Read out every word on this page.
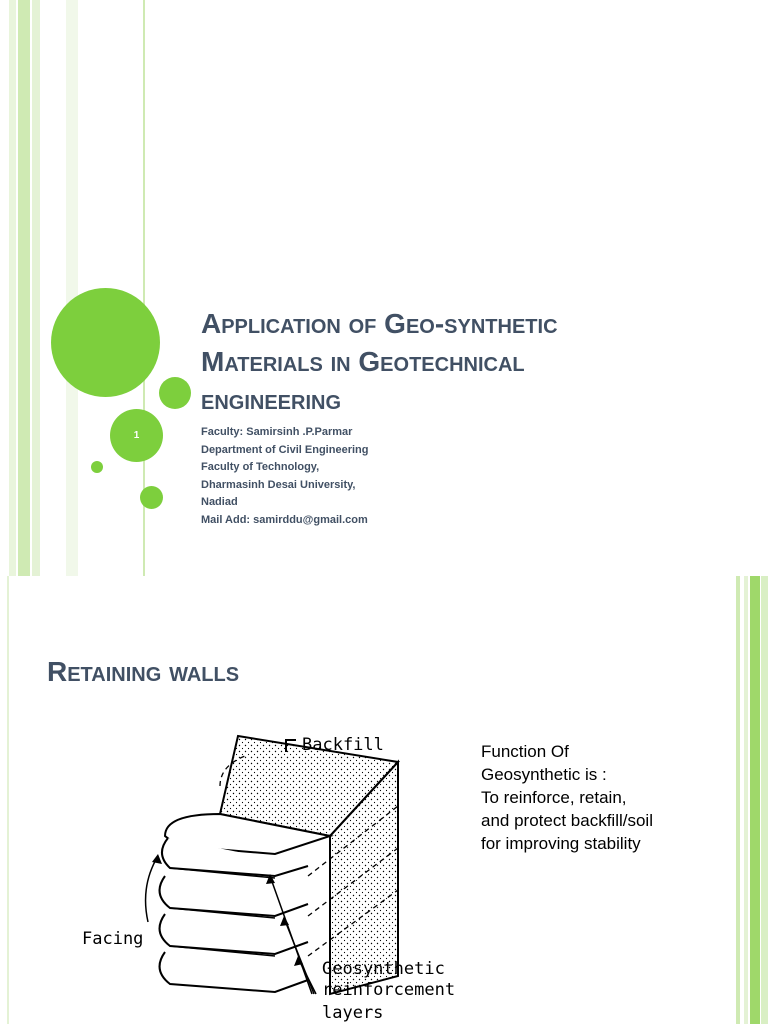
1
Application of Geo-synthetic
Materials in Geotechnical
engineering
Faculty: Samirsinh .P.Parmar
Department of Civil Engineering
Faculty of Technology,
Dharmasinh Desai University,
Nadiad
Mail Add: samirddu@gmail.com
Retaining walls
Backfill
Facing
Geosynthetic
reinforcement
layers
Function Of
Geosynthetic is :
To reinforce, retain,
and protect backfill/soil
for improving stability
